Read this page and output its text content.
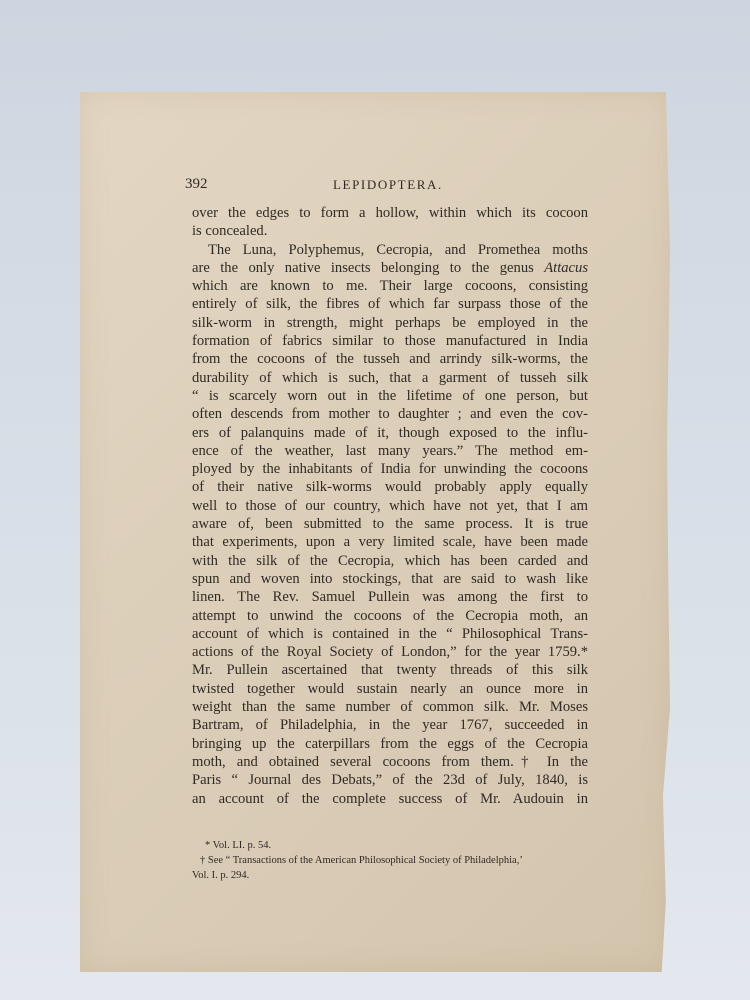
392	LEPIDOPTERA.
over the edges to form a hollow, within which its cocoon
is concealed.
The Luna, Polyphemus, Cecropia, and Promethea moths
are the only native insects belonging to the genus Attacus
which are known to me. Their large cocoons, consisting
entirely of silk, the fibres of which far surpass those of the
silk-worm in strength, might perhaps be employed in the
formation of fabrics similar to those manufactured in India
from the cocoons of the tusseh and arrindy silk-worms, the
durability of which is such, that a garment of tusseh silk
“ is scarcely worn out in the lifetime of one person, but
often descends from mother to daughter ; and even the cov-
ers of palanquins made of it, though exposed to the influ-
ence of the weather, last many years.” The method em-
ployed by the inhabitants of India for unwinding the cocoons
of their native silk-worms would probably apply equally
well to those of our country, which have not yet, that I am
aware of, been submitted to the same process. It is true
that experiments, upon a very limited scale, have been made
with the silk of the Cecropia, which has been carded and
spun and woven into stockings, that are said to wash like
linen. The Rev. Samuel Pullein was among the first to
attempt to unwind the cocoons of the Cecropia moth, an
account of which is contained in the “ Philosophical Trans-
actions of the Royal Society of London,” for the year 1759.*
Mr. Pullein ascertained that twenty threads of this silk
twisted together would sustain nearly an ounce more in
weight than the same number of common silk. Mr. Moses
Bartram, of Philadelphia, in the year 1767, succeeded in
bringing up the caterpillars from the eggs of the Cecropia
moth, and obtained several cocoons from them.† In the
Paris “ Journal des Debats,” of the 23d of July, 1840, is
an account of the complete success of Mr. Audouin in
* Vol. LI. p. 54.
† See “ Transactions of the American Philosophical Society of Philadelphia,’
Vol. I. p. 294.
